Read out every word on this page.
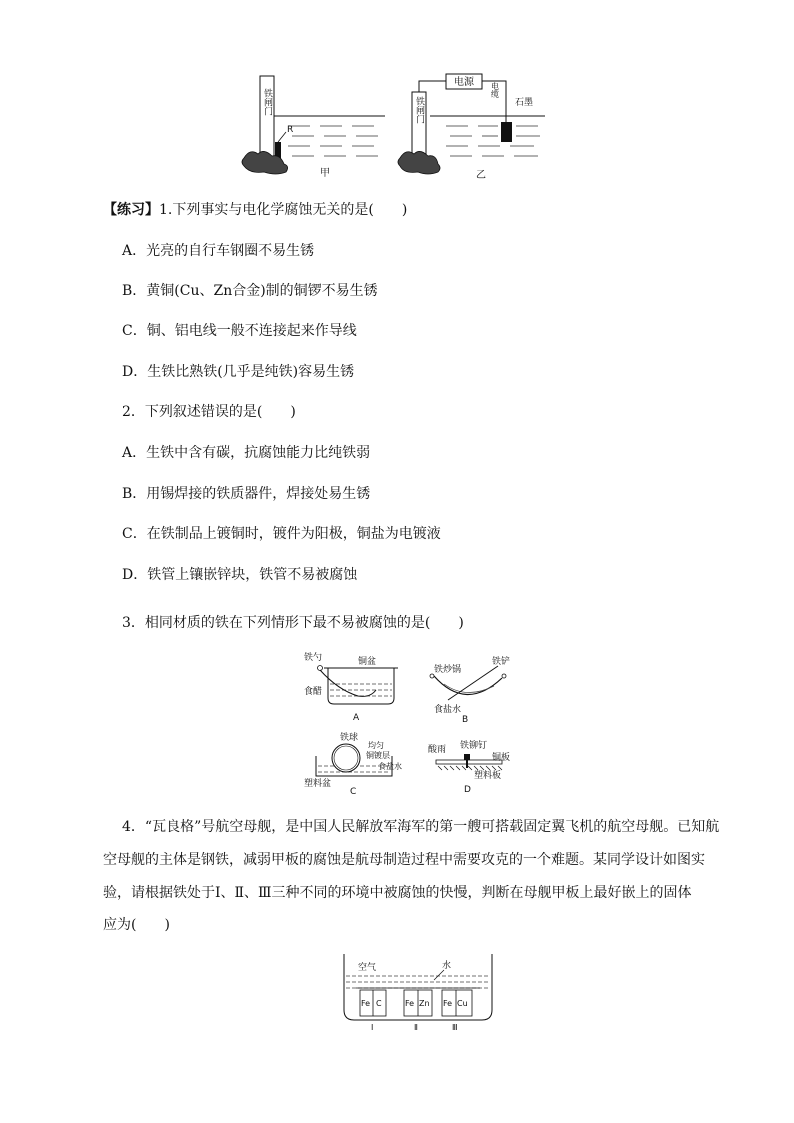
铁闸门
R
甲
铁闸门
电源 电缆
石墨
乙
【练习】1.下列事实与电化学腐蚀无关的是(　　)
A．光亮的自行车钢圈不易生锈
B．黄铜(Cu、Zn合金)制的铜锣不易生锈
C．铜、铝电线一般不连接起来作导线
D．生铁比熟铁(几乎是纯铁)容易生锈
2．下列叙述错误的是(　　)
A．生铁中含有碳，抗腐蚀能力比纯铁弱
B．用锡焊接的铁质器件，焊接处易生锈
C．在铁制品上镀铜时，镀件为阳极，铜盐为电镀液
D．铁管上镶嵌锌块，铁管不易被腐蚀
3．相同材质的铁在下列情形下最不易被腐蚀的是(　　)
铁勺	铜盆
食醋
A
铁炒锅
铁铲
食盐水
B
铁球
均匀
铜镀层
食盐水
塑料盆
C
酸雨 铁铆钉
铜板
塑料板
D
4．“瓦良格”号航空母舰，是中国人民解放军海军的第一艘可搭载固定翼飞机的航空母舰。已知航
空母舰的主体是钢铁，减弱甲板的腐蚀是航母制造过程中需要攻克的一个难题。某同学设计如图实
验，请根据铁处于Ⅰ、Ⅱ、Ⅲ三种不同的环境中被腐蚀的快慢，判断在母舰甲板上最好嵌上的固体
应为(　　)
空气	水
Fe C
Ⅰ
Fe Zn
Ⅱ
Fe Cu
Ⅲ
